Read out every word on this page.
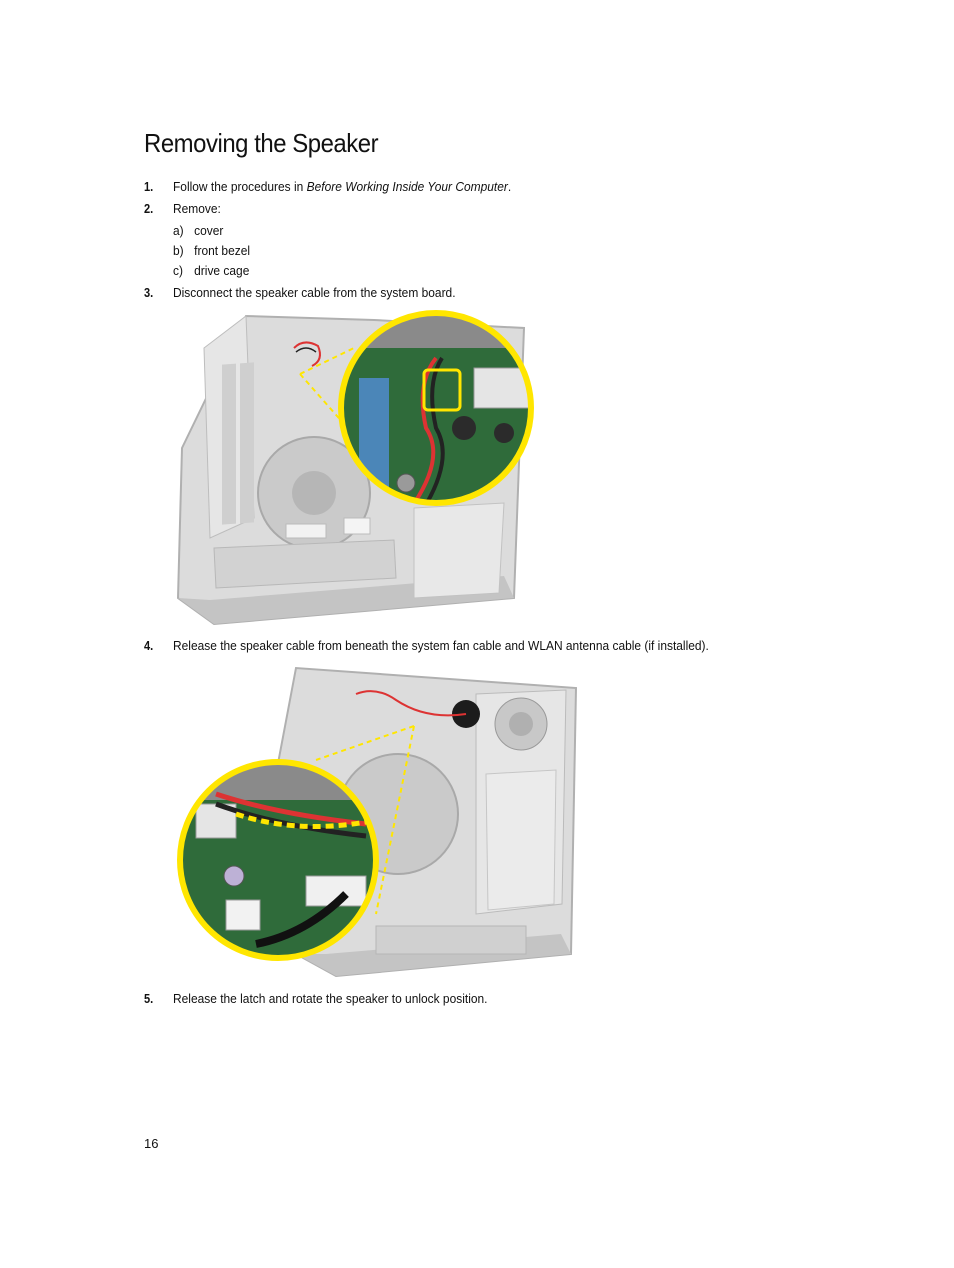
Removing the Speaker
1. Follow the procedures in Before Working Inside Your Computer.
2. Remove:
a) cover
b) front bezel
c) drive cage
3. Disconnect the speaker cable from the system board.
4. Release the speaker cable from beneath the system fan cable and WLAN antenna cable (if installed).
5. Release the latch and rotate the speaker to unlock position.
16
